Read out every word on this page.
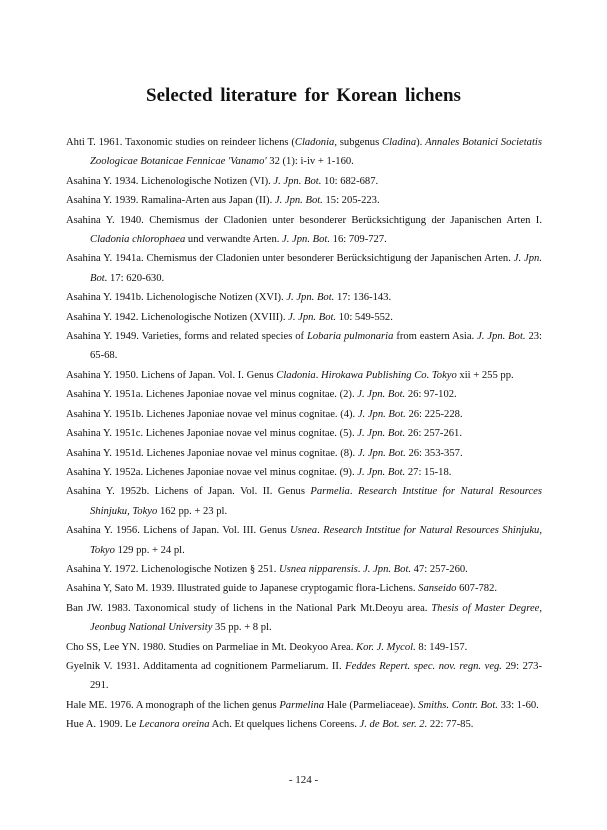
Selected literature for Korean lichens
Ahti T. 1961. Taxonomic studies on reindeer lichens (Cladonia, subgenus Cladina). Annales Botanici Societatis Zoologicae Botanicae Fennicae 'Vanamo' 32 (1): i-iv + 1-160.
Asahina Y. 1934. Lichenologische Notizen (VI). J. Jpn. Bot. 10: 682-687.
Asahina Y. 1939. Ramalina-Arten aus Japan (II). J. Jpn. Bot. 15: 205-223.
Asahina Y. 1940. Chemismus der Cladonien unter besonderer Berücksichtigung der Japanischen Arten I. Cladonia chlorophaea und verwandte Arten. J. Jpn. Bot. 16: 709-727.
Asahina Y. 1941a. Chemismus der Cladonien unter besonderer Berücksichtigung der Japanischen Arten. J. Jpn. Bot. 17: 620-630.
Asahina Y. 1941b. Lichenologische Notizen (XVI). J. Jpn. Bot. 17: 136-143.
Asahina Y. 1942. Lichenologische Notizen (XVIII). J. Jpn. Bot. 10: 549-552.
Asahina Y. 1949. Varieties, forms and related species of Lobaria pulmonaria from eastern Asia. J. Jpn. Bot. 23: 65-68.
Asahina Y. 1950. Lichens of Japan. Vol. I. Genus Cladonia. Hirokawa Publishing Co. Tokyo xii + 255 pp.
Asahina Y. 1951a. Lichenes Japoniae novae vel minus cognitae. (2). J. Jpn. Bot. 26: 97-102.
Asahina Y. 1951b. Lichenes Japoniae novae vel minus cognitae. (4). J. Jpn. Bot. 26: 225-228.
Asahina Y. 1951c. Lichenes Japoniae novae vel minus cognitae. (5). J. Jpn. Bot. 26: 257-261.
Asahina Y. 1951d. Lichenes Japoniae novae vel minus cognitae. (8). J. Jpn. Bot. 26: 353-357.
Asahina Y. 1952a. Lichenes Japoniae novae vel minus cognitae. (9). J. Jpn. Bot. 27: 15-18.
Asahina Y. 1952b. Lichens of Japan. Vol. II. Genus Parmelia. Research Intstitue for Natural Resources Shinjuku, Tokyo 162 pp. + 23 pl.
Asahina Y. 1956. Lichens of Japan. Vol. III. Genus Usnea. Research Intstitue for Natural Resources Shinjuku, Tokyo 129 pp. + 24 pl.
Asahina Y. 1972. Lichenologische Notizen § 251. Usnea nipparensis. J. Jpn. Bot. 47: 257-260.
Asahina Y, Sato M. 1939. Illustrated guide to Japanese cryptogamic flora-Lichens. Sanseido 607-782.
Ban JW. 1983. Taxonomical study of lichens in the National Park Mt.Deoyu area. Thesis of Master Degree, Jeonbug National University 35 pp. + 8 pl.
Cho SS, Lee YN. 1980. Studies on Parmeliae in Mt. Deokyoo Area. Kor. J. Mycol. 8: 149-157.
Gyelnik V. 1931. Additamenta ad cognitionem Parmeliarum. II. Feddes Repert. spec. nov. regn. veg. 29: 273-291.
Hale ME. 1976. A monograph of the lichen genus Parmelina Hale (Parmeliaceae). Smiths. Contr. Bot. 33: 1-60.
Hue A. 1909. Le Lecanora oreina Ach. Et quelques lichens Coreens. J. de Bot. ser. 2. 22: 77-85.
- 124 -
